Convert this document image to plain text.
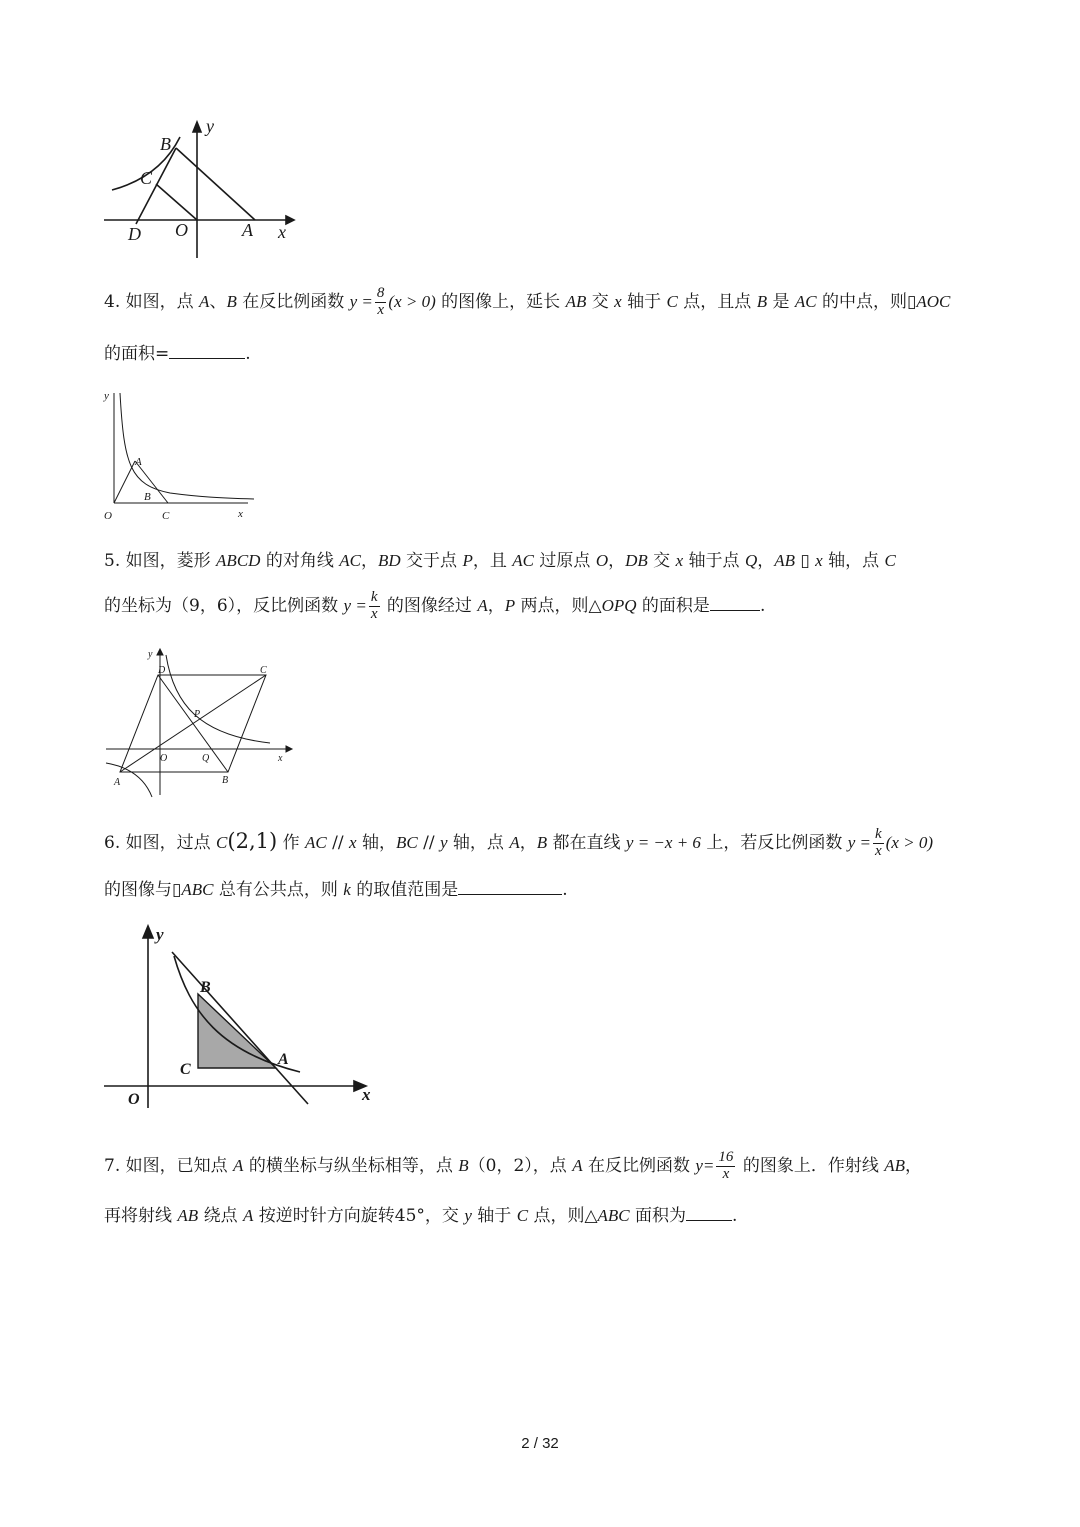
y
B
C
D O	A x
4. 如图，点 A、B 在反比例函数 $y = \frac{8}{x} (x > 0)$ 的图像上，延长 AB 交 x 轴于 C 点，且点 B 是 AC 的中点，则▯AOC
的面积=	.
y
A
B
O	C	x
5. 如图，菱形 ABCD 的对角线 AC，BD 交于点 P，且 AC 过原点 O，DB 交 x 轴于点 Q，AB ▯ x 轴，点 C
的坐标为（9，6），反比例函数 $y = \frac{k}{x}$ 的图像经过 A，P 两点，则△OPQ 的面积是	.
y
D	C
P
O	Q
A	B
x
6. 如图，过点 C(2,1) 作 AC // x 轴，BC // y 轴，点 A，B 都在直线 y = −x + 6 上，若反比例函数 $y = \frac{k}{x} (x > 0)$
的图像与▯ABC 总有公共点，则 k 的取值范围是	.
y
B
C
A
O	x
7. 如图，已知点 A 的横坐标与纵坐标相等，点 B（0，2），点 A 在反比例函数 $y= \frac{16}{x}$ 的图象上．作射线 AB，
再将射线 AB 绕点 A 按逆时针方向旋转45°，交 y 轴于 C 点，则△ABC 面积为	.
2 / 32
